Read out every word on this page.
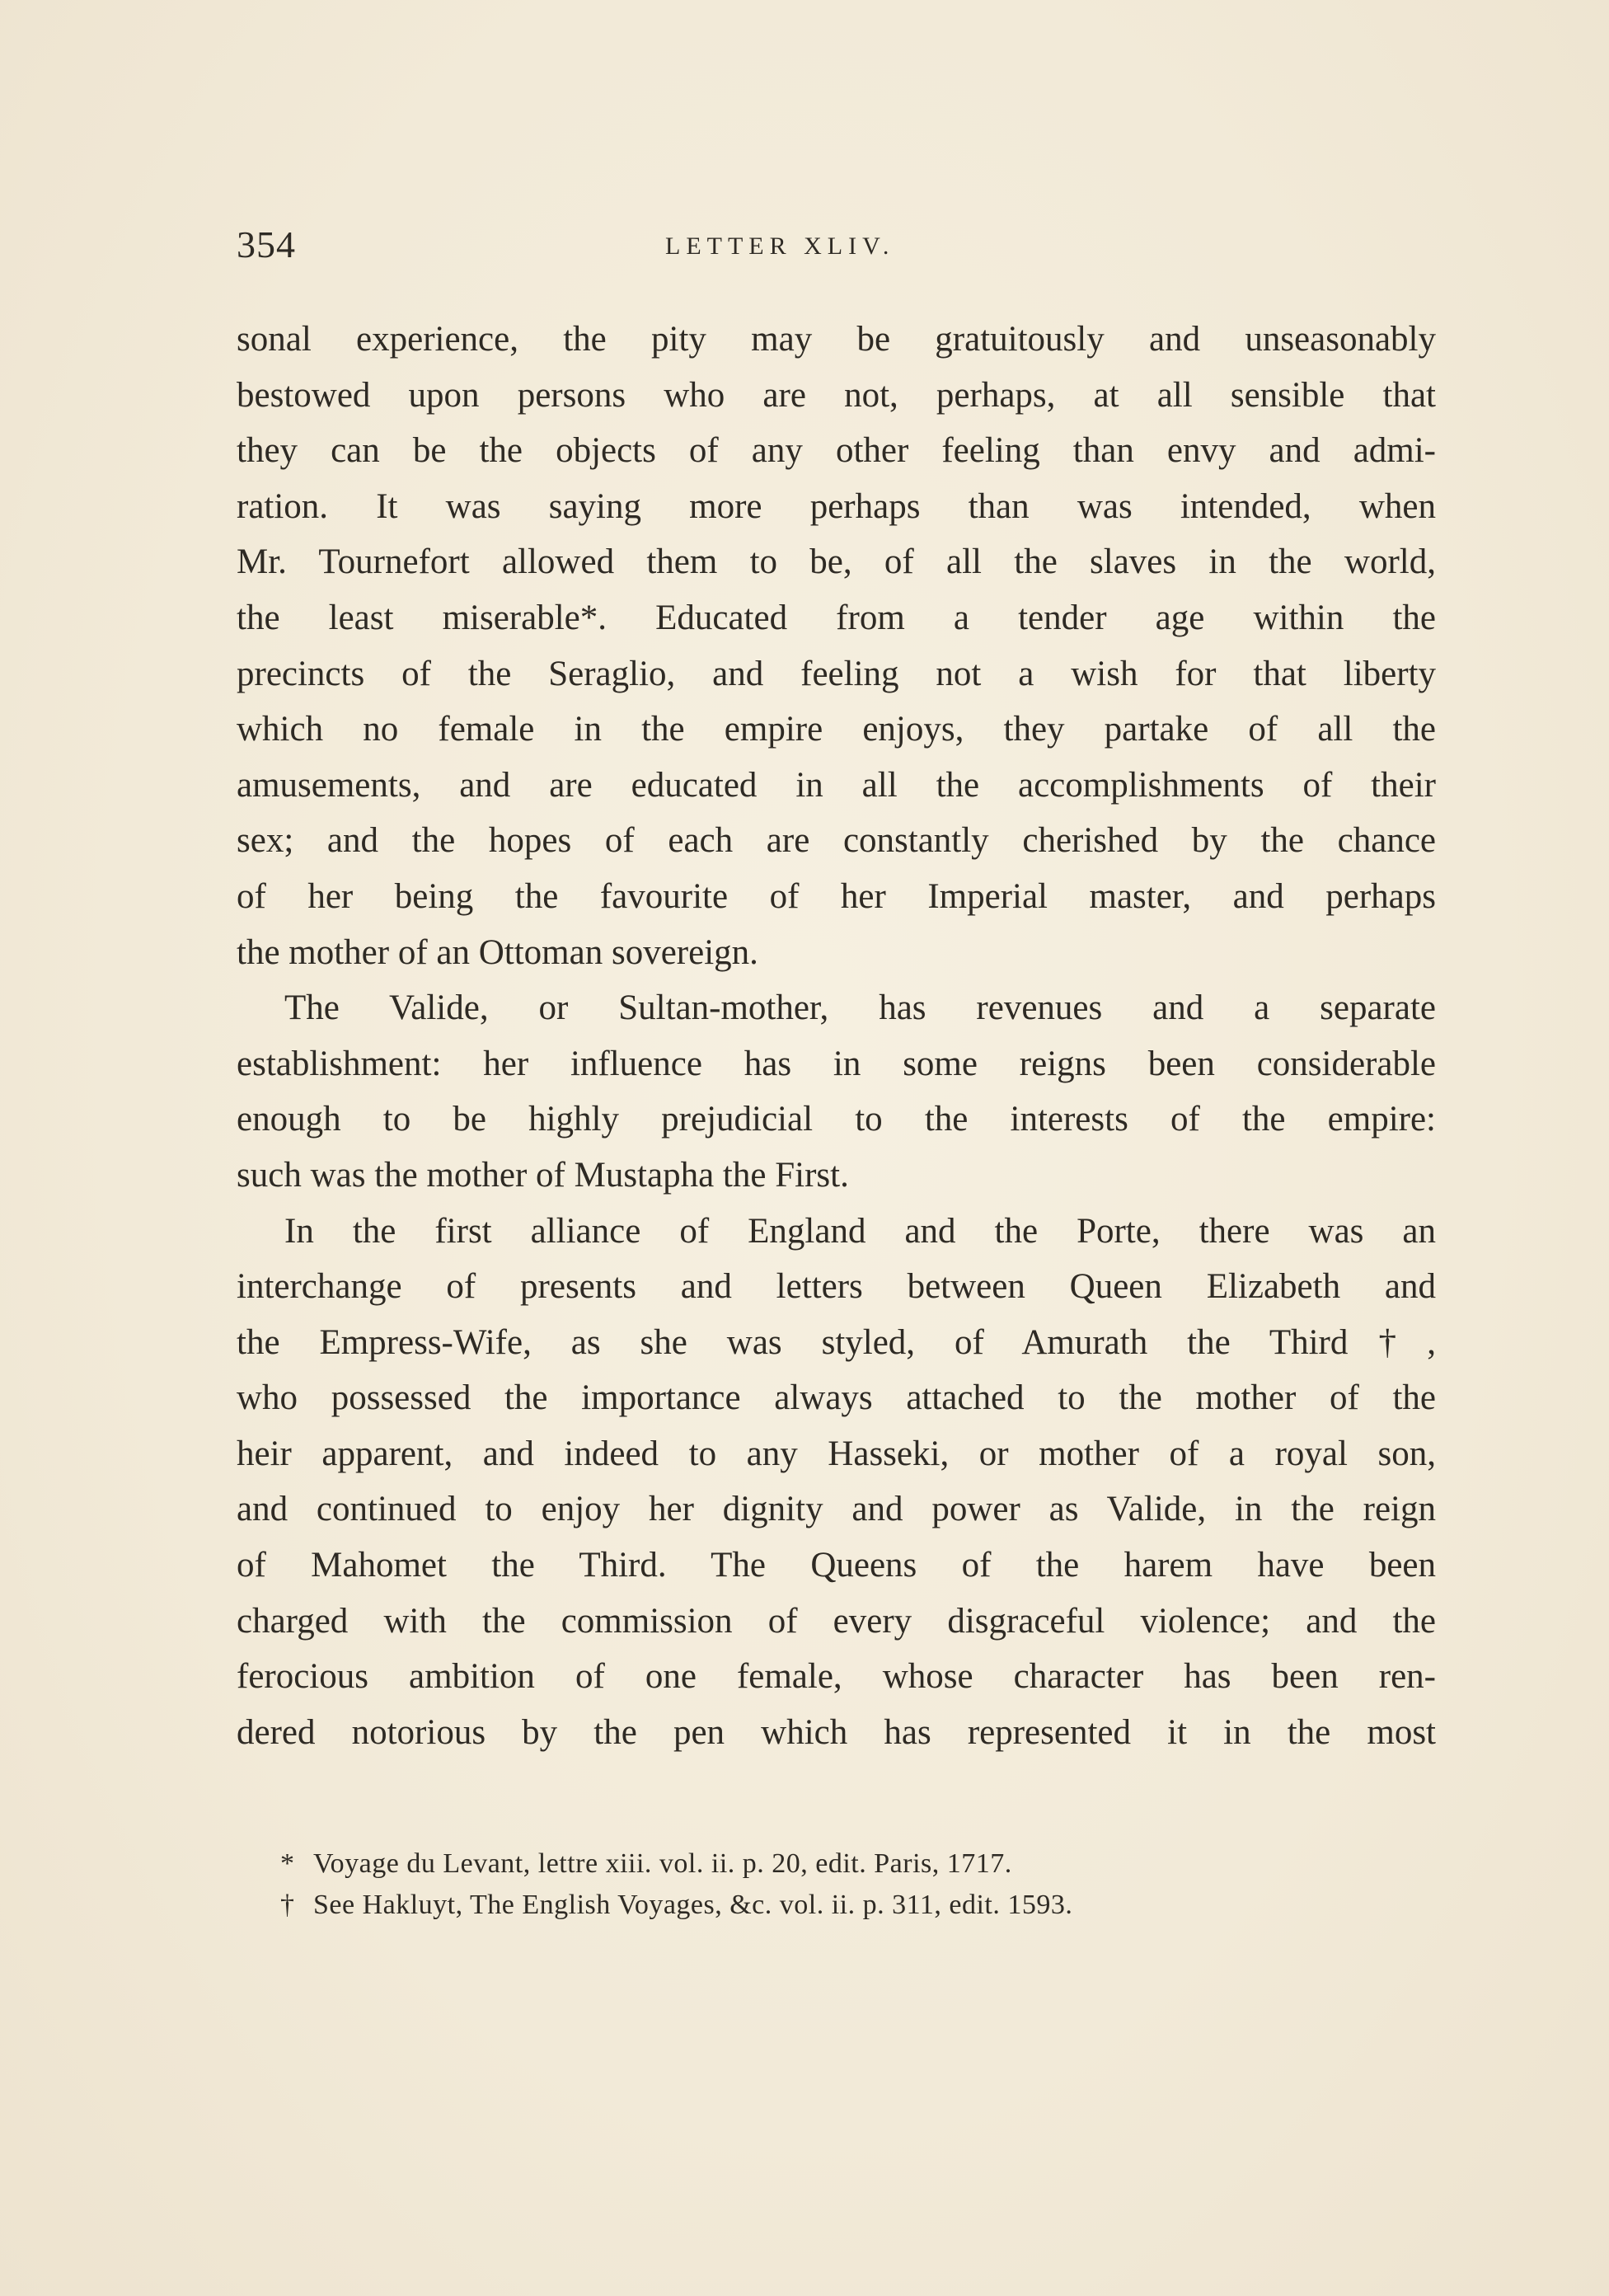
354	LETTER XLIV.
sonal experience, the pity may be gratuitously and unseasonably
bestowed upon persons who are not, perhaps, at all sensible that
they can be the objects of any other feeling than envy and admi-
ration. It was saying more perhaps than was intended, when
Mr. Tournefort allowed them to be, of all the slaves in the world,
the least miserable*. Educated from a tender age within the
precincts of the Seraglio, and feeling not a wish for that liberty
which no female in the empire enjoys, they partake of all the
amusements, and are educated in all the accomplishments of their
sex; and the hopes of each are constantly cherished by the chance
of her being the favourite of her Imperial master, and perhaps
the mother of an Ottoman sovereign.
The Valide, or Sultan-mother, has revenues and a separate
establishment: her influence has in some reigns been considerable
enough to be highly prejudicial to the interests of the empire:
such was the mother of Mustapha the First.
In the first alliance of England and the Porte, there was an
interchange of presents and letters between Queen Elizabeth and
the Empress-Wife, as she was styled, of Amurath the Third†,
who possessed the importance always attached to the mother of the
heir apparent, and indeed to any Hasseki, or mother of a royal son,
and continued to enjoy her dignity and power as Valide, in the reign
of Mahomet the Third. The Queens of the harem have been
charged with the commission of every disgraceful violence; and the
ferocious ambition of one female, whose character has been ren-
dered notorious by the pen which has represented it in the most
* Voyage du Levant, lettre xiii. vol. ii. p. 20, edit. Paris, 1717.
† See Hakluyt, The English Voyages, &c. vol. ii. p. 311, edit. 1593.
